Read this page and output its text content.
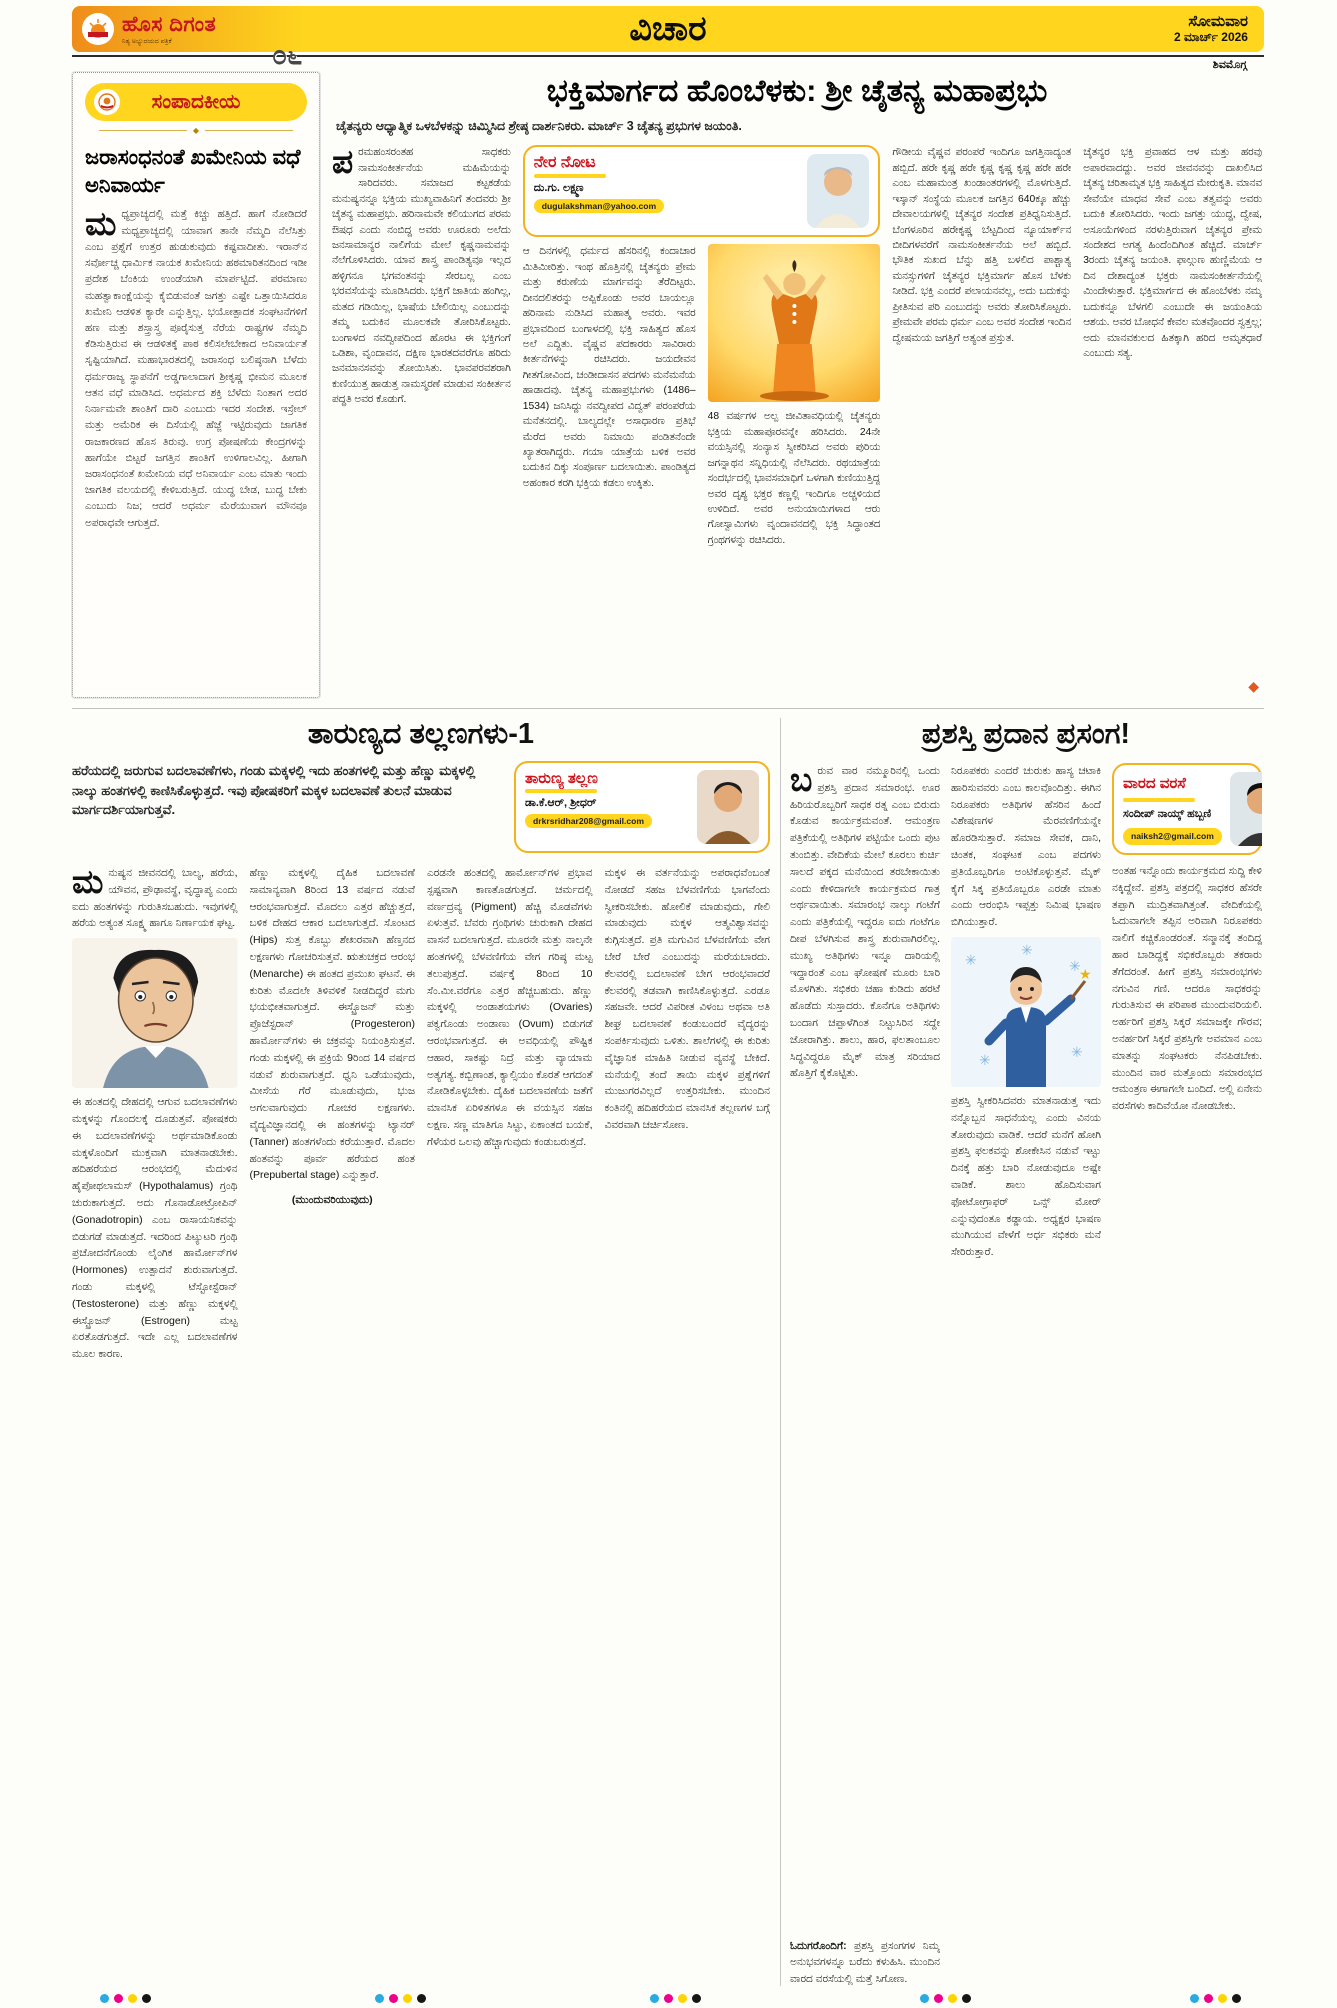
ಹೊಸ ದಿಗಂತ
ನಿತ್ಯ ಅಭ್ಯುದಯದ ಪತ್ರಿಕೆ	೦೬
ವಿಚಾರ	ಸೋಮವಾರ
2 ಮಾರ್ಚ್ 2026
ಶಿವಮೊಗ್ಗ
ಸಂಪಾದಕೀಯ
◆
ಜರಾಸಂಧನಂತೆ ಖಮೇನಿಯ ವಧೆ ಅನಿವಾರ್ಯ
ಮಧ್ಯಪ್ರಾಚ್ಯದಲ್ಲಿ ಮತ್ತೆ ಕಿಚ್ಚು ಹತ್ತಿದೆ. ಹಾಗೆ ನೋಡಿದರೆ ಮಧ್ಯಪ್ರಾಚ್ಯದಲ್ಲಿ ಯಾವಾಗ ತಾನೇ ನೆಮ್ಮದಿ ನೆಲೆಸಿತ್ತು ಎಂಬ ಪ್ರಶ್ನೆಗೆ ಉತ್ತರ ಹುಡುಕುವುದು ಕಷ್ಟವಾದೀತು. ಇರಾನ್‌ನ ಸರ್ವೋಚ್ಚ ಧಾರ್ಮಿಕ ನಾಯಕ ಖಮೇನಿಯ ಹಠಮಾರಿತನದಿಂದ ಇಡೀ ಪ್ರದೇಶ ಬೆಂಕಿಯ ಉಂಡೆಯಾಗಿ ಮಾರ್ಪಟ್ಟಿದೆ. ಪರಮಾಣು ಮಹತ್ವಾಕಾಂಕ್ಷೆಯನ್ನು ಕೈಬಿಡುವಂತೆ ಜಗತ್ತು ಎಷ್ಟೇ ಒತ್ತಾಯಿಸಿದರೂ ಖಮೇನಿ ಆಡಳಿತ ಕ್ಯಾರೇ ಎನ್ನುತ್ತಿಲ್ಲ. ಭಯೋತ್ಪಾದಕ ಸಂಘಟನೆಗಳಿಗೆ ಹಣ ಮತ್ತು ಶಸ್ತ್ರಾಸ್ತ್ರ ಪೂರೈಸುತ್ತ ನೆರೆಯ ರಾಷ್ಟ್ರಗಳ ನೆಮ್ಮದಿ ಕೆಡಿಸುತ್ತಿರುವ ಈ ಆಡಳಿತಕ್ಕೆ ಪಾಠ ಕಲಿಸಲೇಬೇಕಾದ ಅನಿವಾರ್ಯತೆ ಸೃಷ್ಟಿಯಾಗಿದೆ. ಮಹಾಭಾರತದಲ್ಲಿ ಜರಾಸಂಧ ಬಲಿಷ್ಠನಾಗಿ ಬೆಳೆದು ಧರ್ಮರಾಜ್ಯ ಸ್ಥಾಪನೆಗೆ ಅಡ್ಡಗಾಲಾದಾಗ ಶ್ರೀಕೃಷ್ಣ ಭೀಮನ ಮೂಲಕ ಆತನ ವಧೆ ಮಾಡಿಸಿದ. ಅಧರ್ಮದ ಶಕ್ತಿ ಬೆಳೆದು ನಿಂತಾಗ ಅದರ ನಿರ್ನಾಮವೇ ಶಾಂತಿಗೆ ದಾರಿ ಎಂಬುದು ಇದರ ಸಂದೇಶ. ಇಸ್ರೇಲ್ ಮತ್ತು ಅಮೆರಿಕ ಈ ದಿಸೆಯಲ್ಲಿ ಹೆಜ್ಜೆ ಇಟ್ಟಿರುವುದು ಜಾಗತಿಕ ರಾಜಕಾರಣದ ಹೊಸ ತಿರುವು. ಉಗ್ರ ಪೋಷಣೆಯ ಕೇಂದ್ರಗಳನ್ನು ಹಾಗೆಯೇ ಬಿಟ್ಟರೆ ಜಗತ್ತಿನ ಶಾಂತಿಗೆ ಉಳಿಗಾಲವಿಲ್ಲ. ಹೀಗಾಗಿ ಜರಾಸಂಧನಂತೆ ಖಮೇನಿಯ ವಧೆ ಅನಿವಾರ್ಯ ಎಂಬ ಮಾತು ಇಂದು ಜಾಗತಿಕ ವಲಯದಲ್ಲಿ ಕೇಳಿಬರುತ್ತಿದೆ. ಯುದ್ಧ ಬೇಡ, ಬುದ್ಧ ಬೇಕು ಎಂಬುದು ನಿಜ; ಆದರೆ ಅಧರ್ಮ ಮೆರೆಯುವಾಗ ಮೌನವೂ ಅಪರಾಧವೇ ಆಗುತ್ತದೆ.
ಭಕ್ತಿಮಾರ್ಗದ ಹೊಂಬೆಳಕು: ಶ್ರೀ ಚೈತನ್ಯ ಮಹಾಪ್ರಭು
ಚೈತನ್ಯರು ಆಧ್ಯಾತ್ಮಿಕ ಒಳಬೆಳಕನ್ನು ಚಿಮ್ಮಿಸಿದ ಶ್ರೇಷ್ಠ ದಾರ್ಶನಿಕರು. ಮಾರ್ಚ್ 3 ಚೈತನ್ಯ ಪ್ರಭುಗಳ ಜಯಂತಿ.
ಪರಮಹಂಸರಂತಹ ಸಾಧಕರು ನಾಮಸಂಕೀರ್ತನೆಯ ಮಹಿಮೆಯನ್ನು ಸಾರಿದವರು. ಸಮಾಜದ ಕಟ್ಟಕಡೆಯ ಮನುಷ್ಯನನ್ನೂ ಭಕ್ತಿಯ ಮುಖ್ಯವಾಹಿನಿಗೆ ತಂದವರು ಶ್ರೀ ಚೈತನ್ಯ ಮಹಾಪ್ರಭು. ಹರಿನಾಮವೇ ಕಲಿಯುಗದ ಪರಮ ಔಷಧ ಎಂದು ನಂಬಿದ್ದ ಅವರು ಊರೂರು ಅಲೆದು ಜನಸಾಮಾನ್ಯರ ನಾಲಿಗೆಯ ಮೇಲೆ ಕೃಷ್ಣನಾಮವನ್ನು ನೆಲೆಗೊಳಿಸಿದರು. ಯಾವ ಶಾಸ್ತ್ರ ಪಾಂಡಿತ್ಯವೂ ಇಲ್ಲದ ಹಳ್ಳಿಗನೂ ಭಗವಂತನನ್ನು ಸೇರಬಲ್ಲ ಎಂಬ ಭರವಸೆಯನ್ನು ಮೂಡಿಸಿದರು. ಭಕ್ತಿಗೆ ಜಾತಿಯ ಹಂಗಿಲ್ಲ, ಮತದ ಗಡಿಯಿಲ್ಲ, ಭಾಷೆಯ ಬೇಲಿಯಿಲ್ಲ ಎಂಬುದನ್ನು ತಮ್ಮ ಬದುಕಿನ ಮೂಲಕವೇ ತೋರಿಸಿಕೊಟ್ಟರು. ಬಂಗಾಳದ ನವದ್ವೀಪದಿಂದ ಹೊರಟ ಈ ಭಕ್ತಿಗಂಗೆ ಒಡಿಶಾ, ವೃಂದಾವನ, ದಕ್ಷಿಣ ಭಾರತದವರೆಗೂ ಹರಿದು ಜನಮಾನಸವನ್ನು ತೋಯಿಸಿತು. ಭಾವಪರವಶರಾಗಿ ಕುಣಿಯುತ್ತ ಹಾಡುತ್ತ ನಾಮಸ್ಮರಣೆ ಮಾಡುವ ಸಂಕೀರ್ತನ ಪದ್ಧತಿ ಅವರ ಕೊಡುಗೆ.
ನೇರ ನೋಟ
ದು.ಗು. ಲಕ್ಷ್ಮಣ
dugulakshman@yahoo.com
ಆ ದಿನಗಳಲ್ಲಿ ಧರ್ಮದ ಹೆಸರಿನಲ್ಲಿ ಕಂದಾಚಾರ ಮಿತಿಮೀರಿತ್ತು. ಇಂಥ ಹೊತ್ತಿನಲ್ಲಿ ಚೈತನ್ಯರು ಪ್ರೇಮ ಮತ್ತು ಕರುಣೆಯ ಮಾರ್ಗವನ್ನು ತೆರೆದಿಟ್ಟರು. ದೀನದಲಿತರನ್ನು ಅಪ್ಪಿಕೊಂಡು ಅವರ ಬಾಯಲ್ಲೂ ಹರಿನಾಮ ನುಡಿಸಿದ ಮಹಾತ್ಮ ಅವರು. ಇವರ ಪ್ರಭಾವದಿಂದ ಬಂಗಾಳದಲ್ಲಿ ಭಕ್ತಿ ಸಾಹಿತ್ಯದ ಹೊಸ ಅಲೆ ಎದ್ದಿತು. ವೈಷ್ಣವ ಪದಕಾರರು ಸಾವಿರಾರು ಕೀರ್ತನೆಗಳನ್ನು ರಚಿಸಿದರು. ಜಯದೇವನ ಗೀತಗೋವಿಂದ, ಚಂಡೀದಾಸನ ಪದಗಳು ಮನೆಮನೆಯ ಹಾಡಾದವು. ಚೈತನ್ಯ ಮಹಾಪ್ರಭುಗಳು (1486–1534) ಜನಿಸಿದ್ದು ನವದ್ವೀಪದ ವಿದ್ವತ್ ಪರಂಪರೆಯ ಮನೆತನದಲ್ಲಿ. ಬಾಲ್ಯದಲ್ಲೇ ಅಸಾಧಾರಣ ಪ್ರತಿಭೆ ಮೆರೆದ ಅವರು ನಿಮಾಯಿ ಪಂಡಿತನೆಂದೇ ಖ್ಯಾತರಾಗಿದ್ದರು. ಗಯಾ ಯಾತ್ರೆಯ ಬಳಿಕ ಅವರ ಬದುಕಿನ ದಿಕ್ಕು ಸಂಪೂರ್ಣ ಬದಲಾಯಿತು. ಪಾಂಡಿತ್ಯದ ಅಹಂಕಾರ ಕರಗಿ ಭಕ್ತಿಯ ಕಡಲು ಉಕ್ಕಿತು.
48 ವರ್ಷಗಳ ಅಲ್ಪ ಜೀವಿತಾವಧಿಯಲ್ಲಿ ಚೈತನ್ಯರು ಭಕ್ತಿಯ ಮಹಾಪೂರವನ್ನೇ ಹರಿಸಿದರು. 24ನೇ ವಯಸ್ಸಿನಲ್ಲಿ ಸಂನ್ಯಾಸ ಸ್ವೀಕರಿಸಿದ ಅವರು ಪುರಿಯ ಜಗನ್ನಾಥನ ಸನ್ನಿಧಿಯಲ್ಲಿ ನೆಲೆಸಿದರು. ರಥಯಾತ್ರೆಯ ಸಂದರ್ಭದಲ್ಲಿ ಭಾವಸಮಾಧಿಗೆ ಒಳಗಾಗಿ ಕುಣಿಯುತ್ತಿದ್ದ ಅವರ ದೃಶ್ಯ ಭಕ್ತರ ಕಣ್ಣಲ್ಲಿ ಇಂದಿಗೂ ಅಚ್ಚಳಿಯದೆ ಉಳಿದಿದೆ. ಅವರ ಅನುಯಾಯಿಗಳಾದ ಆರು ಗೋಸ್ವಾಮಿಗಳು ವೃಂದಾವನದಲ್ಲಿ ಭಕ್ತಿ ಸಿದ್ಧಾಂತದ ಗ್ರಂಥಗಳನ್ನು ರಚಿಸಿದರು.
ಗೌಡೀಯ ವೈಷ್ಣವ ಪರಂಪರೆ ಇಂದಿಗೂ ಜಗತ್ತಿನಾದ್ಯಂತ ಹಬ್ಬಿದೆ. ಹರೇ ಕೃಷ್ಣ ಹರೇ ಕೃಷ್ಣ ಕೃಷ್ಣ ಕೃಷ್ಣ ಹರೇ ಹರೇ ಎಂಬ ಮಹಾಮಂತ್ರ ಖಂಡಾಂತರಗಳಲ್ಲಿ ಮೊಳಗುತ್ತಿದೆ. ಇಸ್ಕಾನ್ ಸಂಸ್ಥೆಯ ಮೂಲಕ ಜಗತ್ತಿನ 640ಕ್ಕೂ ಹೆಚ್ಚು ದೇವಾಲಯಗಳಲ್ಲಿ ಚೈತನ್ಯರ ಸಂದೇಶ ಪ್ರತಿಧ್ವನಿಸುತ್ತಿದೆ. ಬೆಂಗಳೂರಿನ ಹರೇಕೃಷ್ಣ ಬೆಟ್ಟದಿಂದ ನ್ಯೂಯಾರ್ಕ್‌ನ ಬೀದಿಗಳವರೆಗೆ ನಾಮಸಂಕೀರ್ತನೆಯ ಅಲೆ ಹಬ್ಬಿದೆ. ಭೌತಿಕ ಸುಖದ ಬೆನ್ನು ಹತ್ತಿ ಬಳಲಿದ ಪಾಶ್ಚಾತ್ಯ ಮನಸ್ಸುಗಳಿಗೆ ಚೈತನ್ಯರ ಭಕ್ತಿಮಾರ್ಗ ಹೊಸ ಬೆಳಕು ನೀಡಿದೆ. ಭಕ್ತಿ ಎಂದರೆ ಪಲಾಯನವಲ್ಲ, ಅದು ಬದುಕನ್ನು ಪ್ರೀತಿಸುವ ಪರಿ ಎಂಬುದನ್ನು ಅವರು ತೋರಿಸಿಕೊಟ್ಟರು. ಪ್ರೇಮವೇ ಪರಮ ಧರ್ಮ ಎಂಬ ಅವರ ಸಂದೇಶ ಇಂದಿನ ದ್ವೇಷಮಯ ಜಗತ್ತಿಗೆ ಅತ್ಯಂತ ಪ್ರಸ್ತುತ.
ಚೈತನ್ಯರ ಭಕ್ತಿ ಪ್ರವಾಹದ ಆಳ ಮತ್ತು ಹರವು ಅಪಾರವಾದದ್ದು. ಅವರ ಜೀವನವನ್ನು ದಾಖಲಿಸಿದ ಚೈತನ್ಯ ಚರಿತಾಮೃತ ಭಕ್ತಿ ಸಾಹಿತ್ಯದ ಮೇರುಕೃತಿ. ಮಾನವ ಸೇವೆಯೇ ಮಾಧವ ಸೇವೆ ಎಂಬ ತತ್ವವನ್ನು ಅವರು ಬದುಕಿ ತೋರಿಸಿದರು. ಇಂದು ಜಗತ್ತು ಯುದ್ಧ, ದ್ವೇಷ, ಅಸೂಯೆಗಳಿಂದ ನರಳುತ್ತಿರುವಾಗ ಚೈತನ್ಯರ ಪ್ರೇಮ ಸಂದೇಶದ ಅಗತ್ಯ ಹಿಂದೆಂದಿಗಿಂತ ಹೆಚ್ಚಿದೆ. ಮಾರ್ಚ್ 3ರಂದು ಚೈತನ್ಯ ಜಯಂತಿ. ಫಾಲ್ಗುಣ ಹುಣ್ಣಿಮೆಯ ಆ ದಿನ ದೇಶಾದ್ಯಂತ ಭಕ್ತರು ನಾಮಸಂಕೀರ್ತನೆಯಲ್ಲಿ ಮಿಂದೇಳುತ್ತಾರೆ. ಭಕ್ತಿಮಾರ್ಗದ ಈ ಹೊಂಬೆಳಕು ನಮ್ಮ ಬದುಕನ್ನೂ ಬೆಳಗಲಿ ಎಂಬುದೇ ಈ ಜಯಂತಿಯ ಆಶಯ. ಅವರ ಬೋಧನೆ ಕೇವಲ ಮತವೊಂದರ ಸ್ವತ್ತಲ್ಲ; ಅದು ಮಾನವಕುಲದ ಹಿತಕ್ಕಾಗಿ ಹರಿದ ಅಮೃತಧಾರೆ ಎಂಬುದು ಸತ್ಯ.
◆
ತಾರುಣ್ಯದ ತಲ್ಲಣಗಳು-1
ಹರೆಯದಲ್ಲಿ ಜರುಗುವ ಬದಲಾವಣೆಗಳು, ಗಂಡು ಮಕ್ಕಳಲ್ಲಿ ಇದು ಹಂತಗಳಲ್ಲಿ ಮತ್ತು ಹೆಣ್ಣು ಮಕ್ಕಳಲ್ಲಿ ನಾಲ್ಕು ಹಂತಗಳಲ್ಲಿ ಕಾಣಿಸಿಕೊಳ್ಳುತ್ತದೆ. ಇವು ಪೋಷಕರಿಗೆ ಮಕ್ಕಳ ಬದಲಾವಣೆ ತುಲನೆ ಮಾಡುವ ಮಾರ್ಗದರ್ಶಿಯಾಗುತ್ತವೆ.
ತಾರುಣ್ಯ ತಲ್ಲಣ
ಡಾ.ಕೆ.ಆರ್, ಶ್ರೀಧರ್
drkrsridhar208@gmail.com
ಮನುಷ್ಯನ ಜೀವನದಲ್ಲಿ ಬಾಲ್ಯ, ಹರೆಯ, ಯೌವನ, ಪ್ರೌಢಾವಸ್ಥೆ, ವೃದ್ಧಾಪ್ಯ ಎಂದು ಐದು ಹಂತಗಳನ್ನು ಗುರುತಿಸಬಹುದು. ಇವುಗಳಲ್ಲಿ ಹರೆಯ ಅತ್ಯಂತ ಸೂಕ್ಷ್ಮ ಹಾಗೂ ನಿರ್ಣಾಯಕ ಘಟ್ಟ.
ಈ ಹಂತದಲ್ಲಿ ದೇಹದಲ್ಲಿ ಆಗುವ ಬದಲಾವಣೆಗಳು ಮಕ್ಕಳನ್ನು ಗೊಂದಲಕ್ಕೆ ದೂಡುತ್ತವೆ. ಪೋಷಕರು ಈ ಬದಲಾವಣೆಗಳನ್ನು ಅರ್ಥಮಾಡಿಕೊಂಡು ಮಕ್ಕಳೊಂದಿಗೆ ಮುಕ್ತವಾಗಿ ಮಾತನಾಡಬೇಕು. ಹದಿಹರೆಯದ ಆರಂಭದಲ್ಲಿ ಮೆದುಳಿನ ಹೈಪೋಥಲಾಮಸ್ (Hypothalamus) ಗ್ರಂಥಿ ಚುರುಕಾಗುತ್ತದೆ. ಅದು ಗೊನಾಡೋಟ್ರೋಪಿನ್ (Gonadotropin) ಎಂಬ ರಾಸಾಯನಿಕವನ್ನು ಬಿಡುಗಡೆ ಮಾಡುತ್ತದೆ. ಇದರಿಂದ ಪಿಟ್ಯುಟರಿ ಗ್ರಂಥಿ ಪ್ರಚೋದನೆಗೊಂಡು ಲೈಂಗಿಕ ಹಾರ್ಮೋನ್‌ಗಳ (Hormones) ಉತ್ಪಾದನೆ ಶುರುವಾಗುತ್ತದೆ. ಗಂಡು ಮಕ್ಕಳಲ್ಲಿ ಟೆಸ್ಟೋಸ್ಟೆರಾನ್ (Testosterone) ಮತ್ತು ಹೆಣ್ಣು ಮಕ್ಕಳಲ್ಲಿ ಈಸ್ಟ್ರೊಜನ್ (Estrogen) ಮಟ್ಟ ಏರತೊಡಗುತ್ತದೆ. ಇದೇ ಎಲ್ಲ ಬದಲಾವಣೆಗಳ ಮೂಲ ಕಾರಣ.
ಹೆಣ್ಣು ಮಕ್ಕಳಲ್ಲಿ ದೈಹಿಕ ಬದಲಾವಣೆ ಸಾಮಾನ್ಯವಾಗಿ 8ರಿಂದ 13 ವರ್ಷದ ನಡುವೆ ಆರಂಭವಾಗುತ್ತದೆ. ಮೊದಲು ಎತ್ತರ ಹೆಚ್ಚುತ್ತದೆ, ಬಳಿಕ ದೇಹದ ಆಕಾರ ಬದಲಾಗುತ್ತದೆ. ಸೊಂಟದ (Hips) ಸುತ್ತ ಕೊಬ್ಬು ಶೇಖರವಾಗಿ ಹೆಣ್ತನದ ಲಕ್ಷಣಗಳು ಗೋಚರಿಸುತ್ತವೆ. ಋತುಚಕ್ರದ ಆರಂಭ (Menarche) ಈ ಹಂತದ ಪ್ರಮುಖ ಘಟನೆ. ಈ ಕುರಿತು ಮೊದಲೇ ತಿಳಿವಳಿಕೆ ನೀಡದಿದ್ದರೆ ಮಗು ಭಯಭೀತವಾಗುತ್ತದೆ. ಈಸ್ಟ್ರೊಜನ್ ಮತ್ತು ಪ್ರೊಜೆಸ್ಟರಾನ್ (Progesteron) ಹಾರ್ಮೋನ್‌ಗಳು ಈ ಚಕ್ರವನ್ನು ನಿಯಂತ್ರಿಸುತ್ತವೆ. ಗಂಡು ಮಕ್ಕಳಲ್ಲಿ ಈ ಪ್ರಕ್ರಿಯೆ 9ರಿಂದ 14 ವರ್ಷದ ನಡುವೆ ಶುರುವಾಗುತ್ತದೆ. ಧ್ವನಿ ಒಡೆಯುವುದು, ಮೀಸೆಯ ಗೆರೆ ಮೂಡುವುದು, ಭುಜ ಅಗಲವಾಗುವುದು ಗೋಚರ ಲಕ್ಷಣಗಳು. ವೈದ್ಯವಿಜ್ಞಾನದಲ್ಲಿ ಈ ಹಂತಗಳನ್ನು ಟ್ಯಾನರ್ (Tanner) ಹಂತಗಳೆಂದು ಕರೆಯುತ್ತಾರೆ. ಮೊದಲ ಹಂತವನ್ನು ಪೂರ್ವ ಹರೆಯದ ಹಂತ (Prepubertal stage) ಎನ್ನುತ್ತಾರೆ.
(ಮುಂದುವರಿಯುವುದು)
ಎರಡನೇ ಹಂತದಲ್ಲಿ ಹಾರ್ಮೋನ್‌ಗಳ ಪ್ರಭಾವ ಸ್ಪಷ್ಟವಾಗಿ ಕಾಣತೊಡಗುತ್ತದೆ. ಚರ್ಮದಲ್ಲಿ ವರ್ಣದ್ರವ್ಯ (Pigment) ಹೆಚ್ಚಿ ಮೊಡವೆಗಳು ಏಳುತ್ತವೆ. ಬೆವರು ಗ್ರಂಥಿಗಳು ಚುರುಕಾಗಿ ದೇಹದ ವಾಸನೆ ಬದಲಾಗುತ್ತದೆ. ಮೂರನೇ ಮತ್ತು ನಾಲ್ಕನೇ ಹಂತಗಳಲ್ಲಿ ಬೆಳವಣಿಗೆಯ ವೇಗ ಗರಿಷ್ಠ ಮಟ್ಟ ತಲುಪುತ್ತದೆ. ವರ್ಷಕ್ಕೆ 8ರಿಂದ 10 ಸೆಂ.ಮೀ.ವರೆಗೂ ಎತ್ತರ ಹೆಚ್ಚಬಹುದು. ಹೆಣ್ಣು ಮಕ್ಕಳಲ್ಲಿ ಅಂಡಾಶಯಗಳು (Ovaries) ಪಕ್ವಗೊಂಡು ಅಂಡಾಣು (Ovum) ಬಿಡುಗಡೆ ಆರಂಭವಾಗುತ್ತದೆ. ಈ ಅವಧಿಯಲ್ಲಿ ಪೌಷ್ಟಿಕ ಆಹಾರ, ಸಾಕಷ್ಟು ನಿದ್ರೆ ಮತ್ತು ವ್ಯಾಯಾಮ ಅತ್ಯಗತ್ಯ. ಕಬ್ಬಿಣಾಂಶ, ಕ್ಯಾಲ್ಸಿಯಂ ಕೊರತೆ ಆಗದಂತೆ ನೋಡಿಕೊಳ್ಳಬೇಕು. ದೈಹಿಕ ಬದಲಾವಣೆಯ ಜತೆಗೆ ಮಾನಸಿಕ ಏರಿಳಿತಗಳೂ ಈ ವಯಸ್ಸಿನ ಸಹಜ ಲಕ್ಷಣ. ಸಣ್ಣ ಮಾತಿಗೂ ಸಿಟ್ಟು, ಏಕಾಂತದ ಬಯಕೆ, ಗೆಳೆಯರ ಒಲವು ಹೆಚ್ಚಾಗುವುದು ಕಂಡುಬರುತ್ತದೆ.
ಮಕ್ಕಳ ಈ ವರ್ತನೆಯನ್ನು ಅಪರಾಧವೆಂಬಂತೆ ನೋಡದೆ ಸಹಜ ಬೆಳವಣಿಗೆಯ ಭಾಗವೆಂದು ಸ್ವೀಕರಿಸಬೇಕು. ಹೋಲಿಕೆ ಮಾಡುವುದು, ಗೇಲಿ ಮಾಡುವುದು ಮಕ್ಕಳ ಆತ್ಮವಿಶ್ವಾಸವನ್ನು ಕುಗ್ಗಿಸುತ್ತದೆ. ಪ್ರತಿ ಮಗುವಿನ ಬೆಳವಣಿಗೆಯ ವೇಗ ಬೇರೆ ಬೇರೆ ಎಂಬುದನ್ನು ಮರೆಯಬಾರದು. ಕೆಲವರಲ್ಲಿ ಬದಲಾವಣೆ ಬೇಗ ಆರಂಭವಾದರೆ ಕೆಲವರಲ್ಲಿ ತಡವಾಗಿ ಕಾಣಿಸಿಕೊಳ್ಳುತ್ತದೆ. ಎರಡೂ ಸಹಜವೇ. ಆದರೆ ವಿಪರೀತ ವಿಳಂಬ ಅಥವಾ ಅತಿ ಶೀಘ್ರ ಬದಲಾವಣೆ ಕಂಡುಬಂದರೆ ವೈದ್ಯರನ್ನು ಸಂಪರ್ಕಿಸುವುದು ಒಳಿತು. ಶಾಲೆಗಳಲ್ಲಿ ಈ ಕುರಿತು ವೈಜ್ಞಾನಿಕ ಮಾಹಿತಿ ನೀಡುವ ವ್ಯವಸ್ಥೆ ಬೇಕಿದೆ. ಮನೆಯಲ್ಲಿ ತಂದೆ ತಾಯಿ ಮಕ್ಕಳ ಪ್ರಶ್ನೆಗಳಿಗೆ ಮುಜುಗರವಿಲ್ಲದೆ ಉತ್ತರಿಸಬೇಕು. ಮುಂದಿನ ಕಂತಿನಲ್ಲಿ ಹದಿಹರೆಯದ ಮಾನಸಿಕ ತಲ್ಲಣಗಳ ಬಗ್ಗೆ ವಿವರವಾಗಿ ಚರ್ಚಿಸೋಣ.
ಪ್ರಶಸ್ತಿ ಪ್ರದಾನ ಪ್ರಸಂಗ!
ಬರುವ ವಾರ ನಮ್ಮೂರಿನಲ್ಲಿ ಒಂದು ಪ್ರಶಸ್ತಿ ಪ್ರದಾನ ಸಮಾರಂಭ. ಊರ ಹಿರಿಯರೊಬ್ಬರಿಗೆ ಸಾಧಕ ರತ್ನ ಎಂಬ ಬಿರುದು ಕೊಡುವ ಕಾರ್ಯಕ್ರಮವಂತೆ. ಆಮಂತ್ರಣ ಪತ್ರಿಕೆಯಲ್ಲಿ ಅತಿಥಿಗಳ ಪಟ್ಟಿಯೇ ಒಂದು ಪುಟ ತುಂಬಿತ್ತು. ವೇದಿಕೆಯ ಮೇಲೆ ಕೂರಲು ಕುರ್ಚಿ ಸಾಲದೆ ಪಕ್ಕದ ಮನೆಯಿಂದ ತರಬೇಕಾಯಿತು ಎಂದು ಕೇಳಿದಾಗಲೇ ಕಾರ್ಯಕ್ರಮದ ಗಾತ್ರ ಅರ್ಥವಾಯಿತು. ಸಮಾರಂಭ ನಾಲ್ಕು ಗಂಟೆಗೆ ಎಂದು ಪತ್ರಿಕೆಯಲ್ಲಿ ಇದ್ದರೂ ಐದು ಗಂಟೆಗೂ ದೀಪ ಬೆಳಗಿಸುವ ಶಾಸ್ತ್ರ ಶುರುವಾಗಿರಲಿಲ್ಲ. ಮುಖ್ಯ ಅತಿಥಿಗಳು ಇನ್ನೂ ದಾರಿಯಲ್ಲಿ ಇದ್ದಾರಂತೆ ಎಂಬ ಘೋಷಣೆ ಮೂರು ಬಾರಿ ಮೊಳಗಿತು. ಸಭಿಕರು ಚಹಾ ಕುಡಿದು ಹರಟೆ ಹೊಡೆದು ಸುಸ್ತಾದರು. ಕೊನೆಗೂ ಅತಿಥಿಗಳು ಬಂದಾಗ ಚಪ್ಪಾಳೆಗಿಂತ ನಿಟ್ಟುಸಿರಿನ ಸದ್ದೇ ಜೋರಾಗಿತ್ತು. ಶಾಲು, ಹಾರ, ಫಲತಾಂಬೂಲ ಸಿದ್ಧವಿದ್ದರೂ ಮೈಕ್ ಮಾತ್ರ ಸರಿಯಾದ ಹೊತ್ತಿಗೆ ಕೈಕೊಟ್ಟಿತು.
ಓದುಗರೊಂದಿಗೆ: ಪ್ರಶಸ್ತಿ ಪ್ರಸಂಗಗಳ ನಿಮ್ಮ ಅನುಭವಗಳನ್ನೂ ಬರೆದು ಕಳುಹಿಸಿ. ಮುಂದಿನ ವಾರದ ವರಸೆಯಲ್ಲಿ ಮತ್ತೆ ಸಿಗೋಣ.
ನಿರೂಪಕರು ಎಂದರೆ ಚುರುಕು ಹಾಸ್ಯ ಚಟಾಕಿ ಹಾರಿಸುವವರು ಎಂಬ ಕಾಲವೊಂದಿತ್ತು. ಈಗಿನ ನಿರೂಪಕರು ಅತಿಥಿಗಳ ಹೆಸರಿನ ಹಿಂದೆ ವಿಶೇಷಣಗಳ ಮೆರವಣಿಗೆಯನ್ನೇ ಹೊರಡಿಸುತ್ತಾರೆ. ಸಮಾಜ ಸೇವಕ, ದಾನಿ, ಚಿಂತಕ, ಸಂಘಟಕ ಎಂಬ ಪದಗಳು ಪ್ರತಿಯೊಬ್ಬರಿಗೂ ಅಂಟಿಕೊಳ್ಳುತ್ತವೆ. ಮೈಕ್ ಕೈಗೆ ಸಿಕ್ಕ ಪ್ರತಿಯೊಬ್ಬರೂ ಎರಡೇ ಮಾತು ಎಂದು ಆರಂಭಿಸಿ ಇಪ್ಪತ್ತು ನಿಮಿಷ ಭಾಷಣ ಬಿಗಿಯುತ್ತಾರೆ.
✳	✳
✳	✳
✳
★
ಪ್ರಶಸ್ತಿ ಸ್ವೀಕರಿಸಿದವರು ಮಾತನಾಡುತ್ತ ಇದು ನನ್ನೊಬ್ಬನ ಸಾಧನೆಯಲ್ಲ ಎಂದು ವಿನಯ ತೋರುವುದು ವಾಡಿಕೆ. ಆದರೆ ಮನೆಗೆ ಹೋಗಿ ಪ್ರಶಸ್ತಿ ಫಲಕವನ್ನು ಶೋಕೇಸಿನ ನಡುವೆ ಇಟ್ಟು ದಿನಕ್ಕೆ ಹತ್ತು ಬಾರಿ ನೋಡುವುದೂ ಅಷ್ಟೇ ವಾಡಿಕೆ. ಶಾಲು ಹೊದಿಸುವಾಗ ಫೋಟೋಗ್ರಾಫರ್ ಒನ್ಸ್ ಮೋರ್ ಎನ್ನುವುದಂತೂ ಕಡ್ಡಾಯ. ಅಧ್ಯಕ್ಷರ ಭಾಷಣ ಮುಗಿಯುವ ವೇಳೆಗೆ ಅರ್ಧ ಸಭಿಕರು ಮನೆ ಸೇರಿರುತ್ತಾರೆ.
ವಾರದ ವರಸೆ
ಸಂದೀಪ್ ನಾಯ್ಕ್ ಹಬ್ಬಣಿ
naiksh2@gmail.com
ಅಂತಹ ಇನ್ನೊಂದು ಕಾರ್ಯಕ್ರಮದ ಸುದ್ದಿ ಕೇಳಿ ನಕ್ಕಿದ್ದೇನೆ. ಪ್ರಶಸ್ತಿ ಪತ್ರದಲ್ಲಿ ಸಾಧಕರ ಹೆಸರೇ ತಪ್ಪಾಗಿ ಮುದ್ರಿತವಾಗಿತ್ತಂತೆ. ವೇದಿಕೆಯಲ್ಲಿ ಓದುವಾಗಲೇ ತಪ್ಪಿನ ಅರಿವಾಗಿ ನಿರೂಪಕರು ನಾಲಿಗೆ ಕಚ್ಚಿಕೊಂಡರಂತೆ. ಸನ್ಮಾನಕ್ಕೆ ತಂದಿದ್ದ ಹಾರ ಬಾಡಿದ್ದಕ್ಕೆ ಸಭಿಕರೊಬ್ಬರು ತಕರಾರು ತೆಗೆದರಂತೆ. ಹೀಗೆ ಪ್ರಶಸ್ತಿ ಸಮಾರಂಭಗಳು ನಗುವಿನ ಗಣಿ. ಆದರೂ ಸಾಧಕರನ್ನು ಗುರುತಿಸುವ ಈ ಪರಿಪಾಠ ಮುಂದುವರಿಯಲಿ. ಅರ್ಹರಿಗೆ ಪ್ರಶಸ್ತಿ ಸಿಕ್ಕರೆ ಸಮಾಜಕ್ಕೇ ಗೌರವ; ಅನರ್ಹರಿಗೆ ಸಿಕ್ಕರೆ ಪ್ರಶಸ್ತಿಗೇ ಅವಮಾನ ಎಂಬ ಮಾತನ್ನು ಸಂಘಟಕರು ನೆನಪಿಡಬೇಕು. ಮುಂದಿನ ವಾರ ಮತ್ತೊಂದು ಸಮಾರಂಭದ ಆಮಂತ್ರಣ ಈಗಾಗಲೇ ಬಂದಿದೆ. ಅಲ್ಲಿ ಏನೇನು ವರಸೆಗಳು ಕಾದಿವೆಯೋ ನೋಡಬೇಕು.
